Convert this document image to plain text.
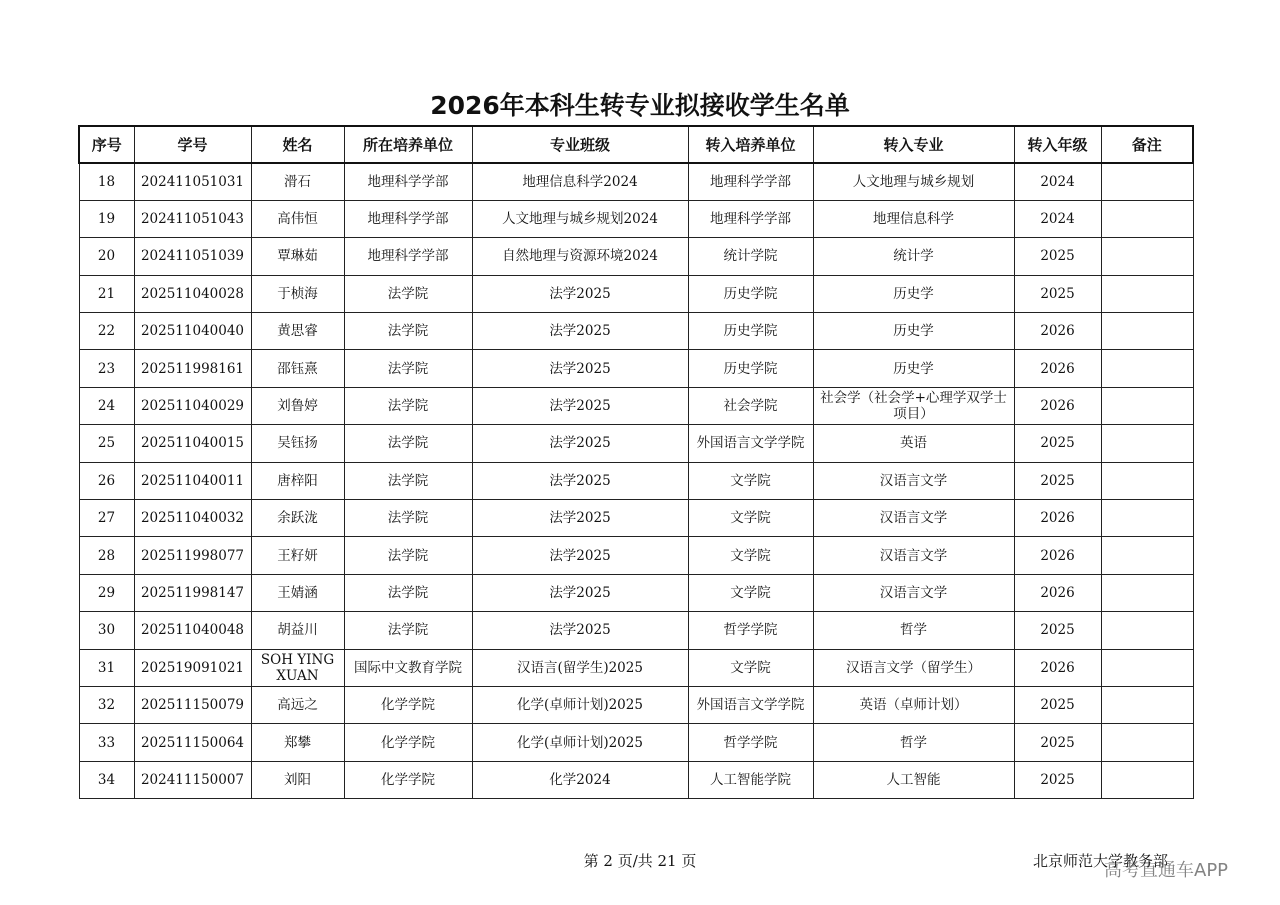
2026年本科生转专业拟接收学生名单
序号	学号	姓名	所在培养单位	专业班级	转入培养单位	转入专业	转入年级	备注
18	202411051031	滑石	地理科学学部	地理信息科学2024	地理科学学部	人文地理与城乡规划	2024	
19	202411051043	高伟恒	地理科学学部	人文地理与城乡规划2024	地理科学学部	地理信息科学	2024	
20	202411051039	覃琳茹	地理科学学部	自然地理与资源环境2024	统计学院	统计学	2025	
21	202511040028	于桢海	法学院	法学2025	历史学院	历史学	2025	
22	202511040040	黄思睿	法学院	法学2025	历史学院	历史学	2026	
23	202511998161	邵钰熹	法学院	法学2025	历史学院	历史学	2026	
24	202511040029	刘鲁婷	法学院	法学2025	社会学院	社会学（社会学+心理学双学士项目）	2026	
25	202511040015	吴钰扬	法学院	法学2025	外国语言文学学院	英语	2025	
26	202511040011	唐梓阳	法学院	法学2025	文学院	汉语言文学	2025	
27	202511040032	余跃泷	法学院	法学2025	文学院	汉语言文学	2026	
28	202511998077	王籽妍	法学院	法学2025	文学院	汉语言文学	2026	
29	202511998147	王婧涵	法学院	法学2025	文学院	汉语言文学	2026	
30	202511040048	胡益川	法学院	法学2025	哲学学院	哲学	2025	
31	202519091021	SOH YING XUAN	国际中文教育学院	汉语言(留学生)2025	文学院	汉语言文学（留学生）	2026	
32	202511150079	高远之	化学学院	化学(卓师计划)2025	外国语言文学学院	英语（卓师计划）	2025	
33	202511150064	郑攀	化学学院	化学(卓师计划)2025	哲学学院	哲学	2025	
34	202411150007	刘阳	化学学院	化学2024	人工智能学院	人工智能	2025	
第 2 页/共 21 页	北京师范大学教务部
高考直通车APP
